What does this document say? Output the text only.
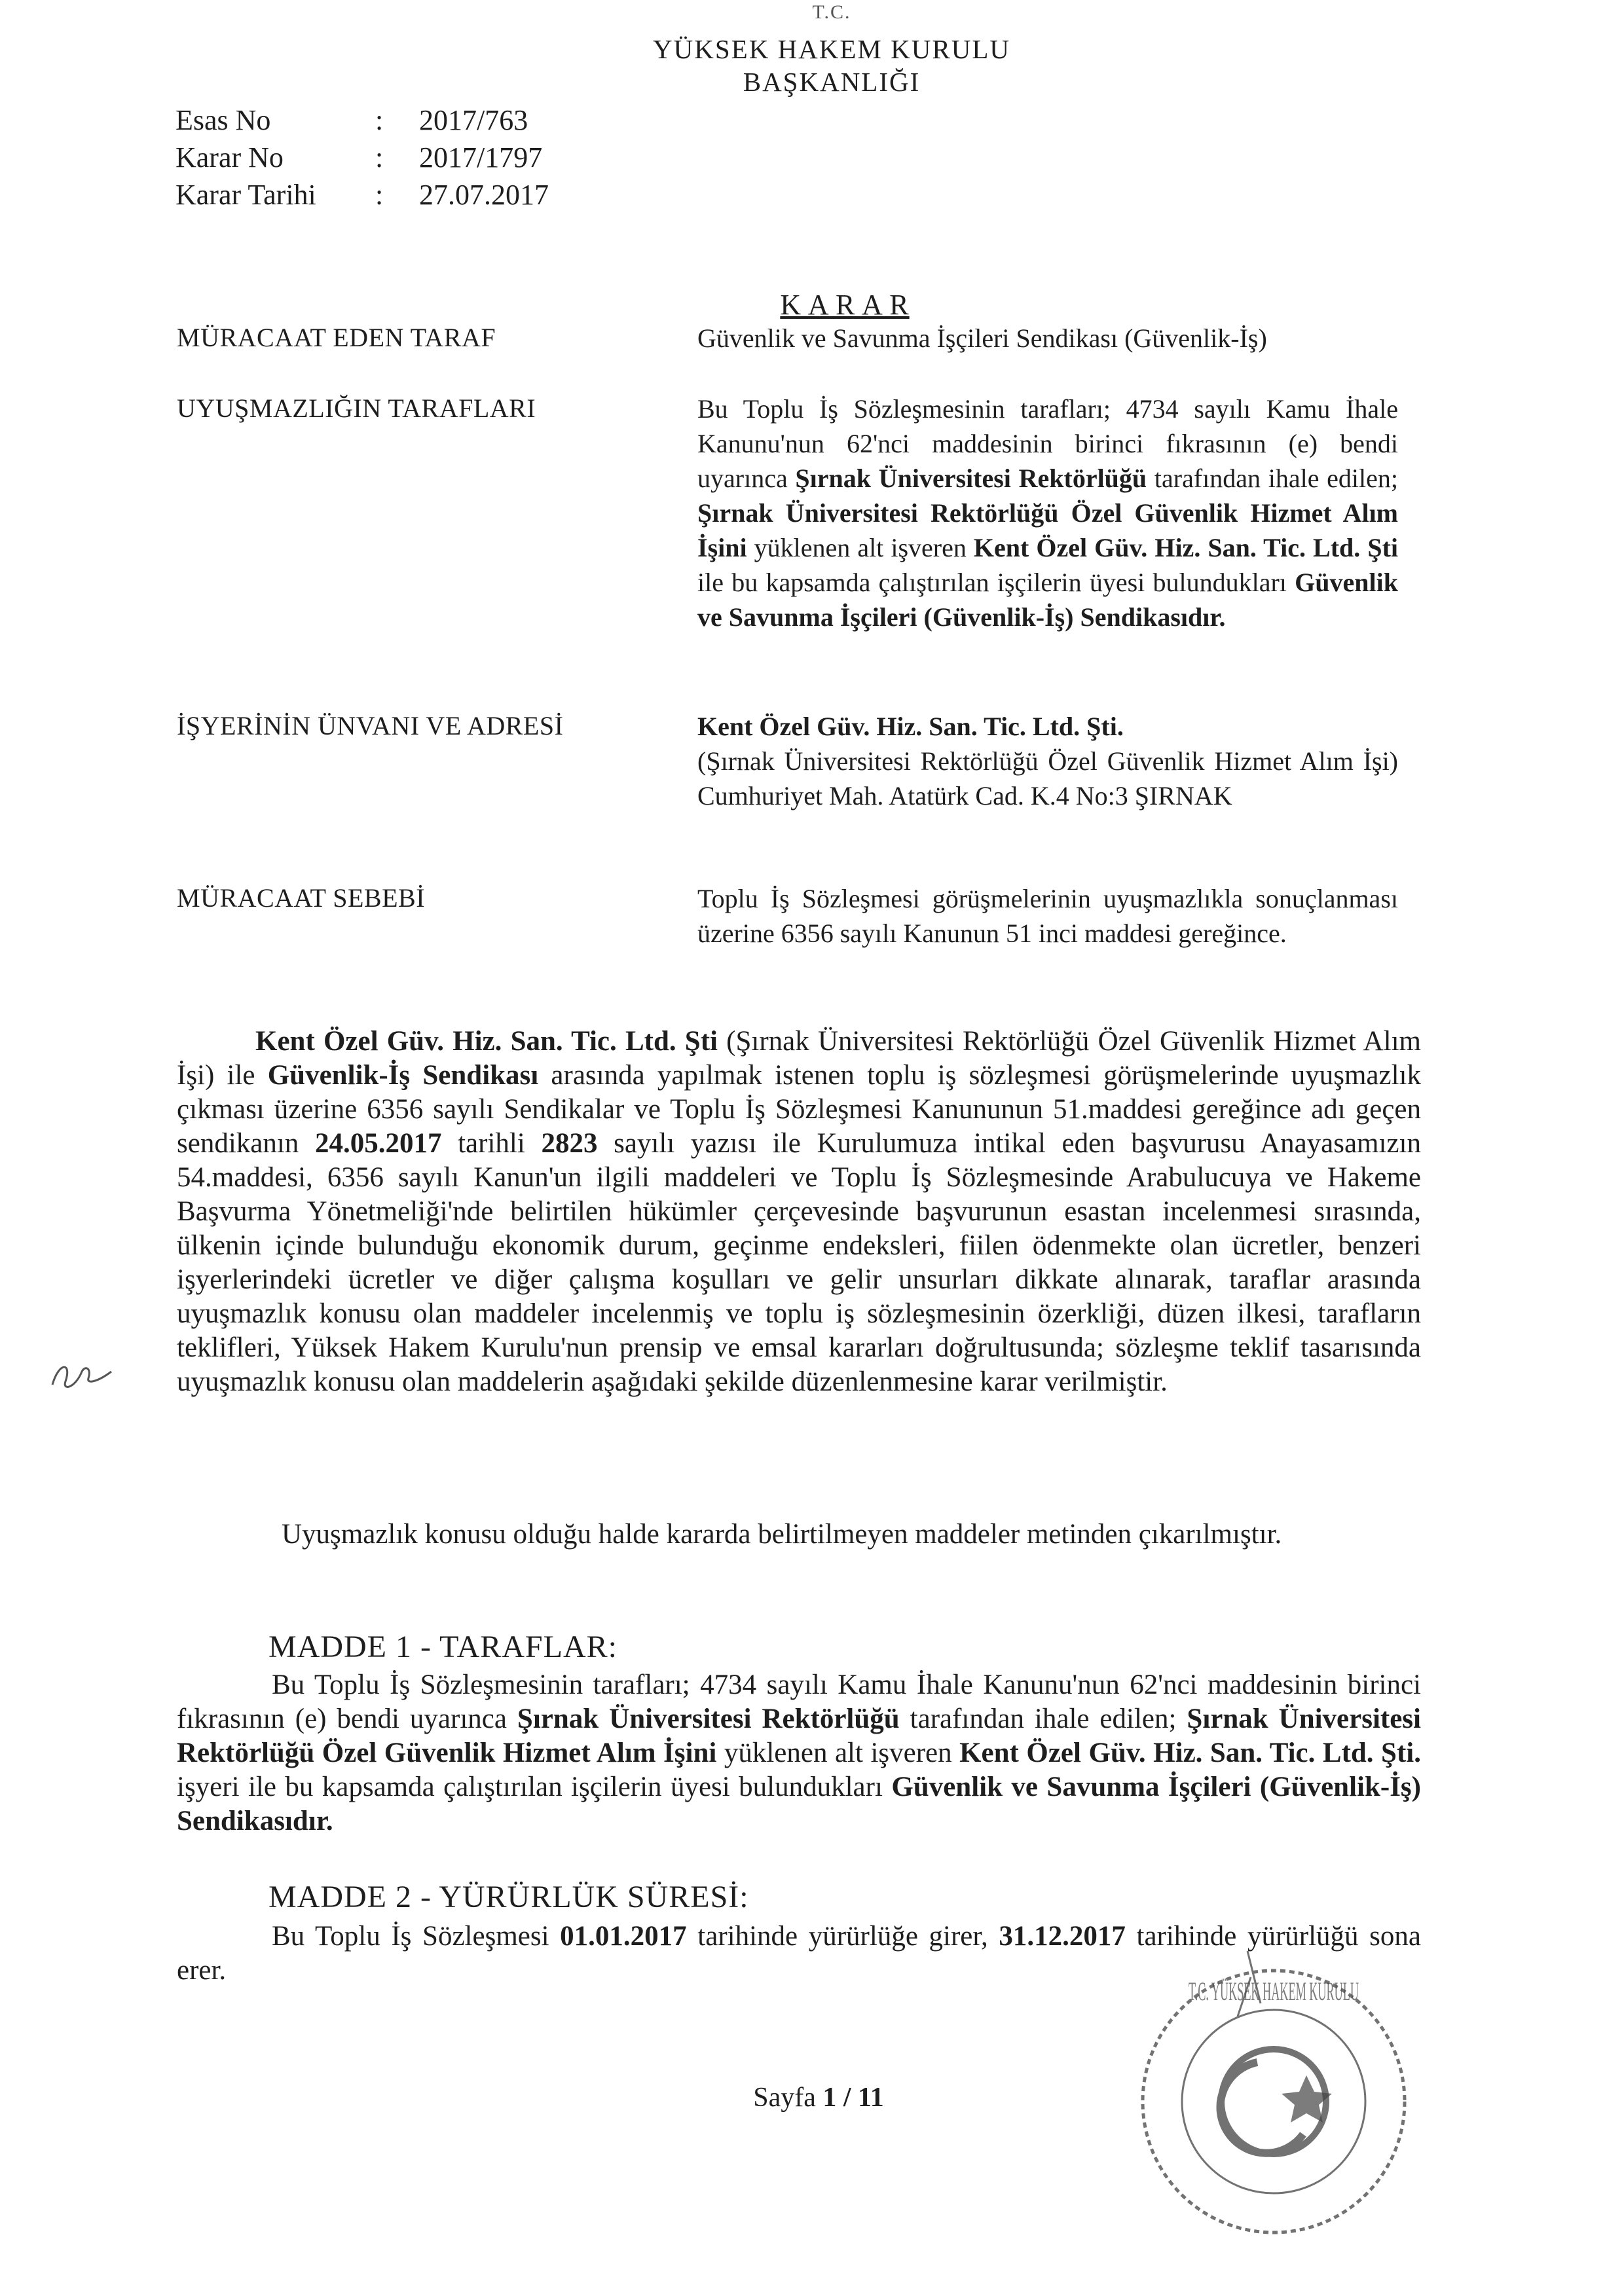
T.C.
YÜKSEK HAKEM KURULU
BAŞKANLIĞI
Esas No	: 2017/763
Karar No	: 2017/1797
Karar Tarihi : 27.07.2017
K A R A R
MÜRACAAT EDEN TARAF	Güvenlik ve Savunma İşçileri Sendikası (Güvenlik-İş)
UYUŞMAZLIĞIN TARAFLARI	Bu Toplu İş Sözleşmesinin tarafları; 4734 sayılı Kamu İhale Kanunu'nun 62'nci maddesinin birinci fıkrasının (e) bendi uyarınca Şırnak Üniversitesi Rektörlüğü tarafından ihale edilen; Şırnak Üniversitesi Rektörlüğü Özel Güvenlik Hizmet Alım İşini yüklenen alt işveren Kent Özel Güv. Hiz. San. Tic. Ltd. Şti ile bu kapsamda çalıştırılan işçilerin üyesi bulundukları Güvenlik ve Savunma İşçileri (Güvenlik-İş) Sendikasıdır.
İŞYERİNİN ÜNVANI VE ADRESİ	Kent Özel Güv. Hiz. San. Tic. Ltd. Şti.
(Şırnak Üniversitesi Rektörlüğü Özel Güvenlik Hizmet Alım İşi) Cumhuriyet Mah. Atatürk Cad. K.4 No:3 ŞIRNAK
MÜRACAAT SEBEBİ	Toplu İş Sözleşmesi görüşmelerinin uyuşmazlıkla sonuçlanması üzerine 6356 sayılı Kanunun 51 inci maddesi gereğince.
Kent Özel Güv. Hiz. San. Tic. Ltd. Şti (Şırnak Üniversitesi Rektörlüğü Özel Güvenlik Hizmet Alım İşi) ile Güvenlik-İş Sendikası arasında yapılmak istenen toplu iş sözleşmesi görüşmelerinde uyuşmazlık çıkması üzerine 6356 sayılı Sendikalar ve Toplu İş Sözleşmesi Kanununun 51.maddesi gereğince adı geçen sendikanın 24.05.2017 tarihli 2823 sayılı yazısı ile Kurulumuza intikal eden başvurusu Anayasamızın 54.maddesi, 6356 sayılı Kanun'un ilgili maddeleri ve Toplu İş Sözleşmesinde Arabulucuya ve Hakeme Başvurma Yönetmeliği'nde belirtilen hükümler çerçevesinde başvurunun esastan incelenmesi sırasında, ülkenin içinde bulunduğu ekonomik durum, geçinme endeksleri, fiilen ödenmekte olan ücretler, benzeri işyerlerindeki ücretler ve diğer çalışma koşulları ve gelir unsurları dikkate alınarak, taraflar arasında uyuşmazlık konusu olan maddeler incelenmiş ve toplu iş sözleşmesinin özerkliği, düzen ilkesi, tarafların teklifleri, Yüksek Hakem Kurulu'nun prensip ve emsal kararları doğrultusunda; sözleşme teklif tasarısında uyuşmazlık konusu olan maddelerin aşağıdaki şekilde düzenlenmesine karar verilmiştir.
Uyuşmazlık konusu olduğu halde kararda belirtilmeyen maddeler metinden çıkarılmıştır.
MADDE 1 - TARAFLAR:
Bu Toplu İş Sözleşmesinin tarafları; 4734 sayılı Kamu İhale Kanunu'nun 62'nci maddesinin birinci fıkrasının (e) bendi uyarınca Şırnak Üniversitesi Rektörlüğü tarafından ihale edilen; Şırnak Üniversitesi Rektörlüğü Özel Güvenlik Hizmet Alım İşini yüklenen alt işveren Kent Özel Güv. Hiz. San. Tic. Ltd. Şti. işyeri ile bu kapsamda çalıştırılan işçilerin üyesi bulundukları Güvenlik ve Savunma İşçileri (Güvenlik-İş) Sendikasıdır.
MADDE 2 - YÜRÜRLÜK SÜRESİ:
Bu Toplu İş Sözleşmesi 01.01.2017 tarihinde yürürlüğe girer, 31.12.2017 tarihinde yürürlüğü sona erer.
Sayfa 1 / 11
T.C. YÜKSEK HAKEM KURULU
